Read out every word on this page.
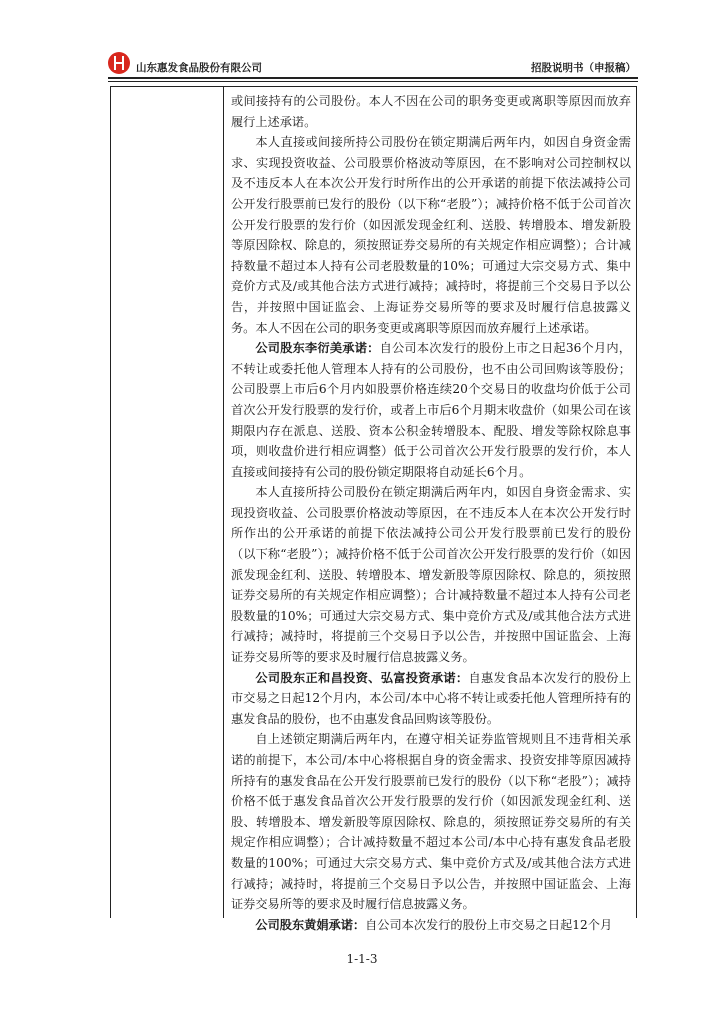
山东惠发食品股份有限公司	招股说明书（申报稿）

或间接持有的公司股份。本人不因在公司的职务变更或离职等原因而放弃履行上述承诺。

本人直接或间接所持公司股份在锁定期满后两年内，如因自身资金需求、实现投资收益、公司股票价格波动等原因，在不影响对公司控制权以及不违反本人在本次公开发行时所作出的公开承诺的前提下依法减持公司公开发行股票前已发行的股份（以下称“老股”）；减持价格不低于公司首次公开发行股票的发行价（如因派发现金红利、送股、转增股本、增发新股等原因除权、除息的，须按照证券交易所的有关规定作相应调整）；合计减持数量不超过本人持有公司老股数量的10%；可通过大宗交易方式、集中竞价方式及/或其他合法方式进行减持；减持时，将提前三个交易日予以公告，并按照中国证监会、上海证券交易所等的要求及时履行信息披露义务。本人不因在公司的职务变更或离职等原因而放弃履行上述承诺。

公司股东李衍美承诺：自公司本次发行的股份上市之日起36个月内，不转让或委托他人管理本人持有的公司股份，也不由公司回购该等股份；公司股票上市后6个月内如股票价格连续20个交易日的收盘均价低于公司首次公开发行股票的发行价，或者上市后6个月期末收盘价（如果公司在该期限内存在派息、送股、资本公积金转增股本、配股、增发等除权除息事项，则收盘价进行相应调整）低于公司首次公开发行股票的发行价，本人直接或间接持有公司的股份锁定期限将自动延长6个月。

本人直接所持公司股份在锁定期满后两年内，如因自身资金需求、实现投资收益、公司股票价格波动等原因，在不违反本人在本次公开发行时所作出的公开承诺的前提下依法减持公司公开发行股票前已发行的股份（以下称“老股”）；减持价格不低于公司首次公开发行股票的发行价（如因派发现金红利、送股、转增股本、增发新股等原因除权、除息的，须按照证券交易所的有关规定作相应调整）；合计减持数量不超过本人持有公司老股数量的10%；可通过大宗交易方式、集中竞价方式及/或其他合法方式进行减持；减持时，将提前三个交易日予以公告，并按照中国证监会、上海证券交易所等的要求及时履行信息披露义务。

公司股东正和昌投资、弘富投资承诺：自惠发食品本次发行的股份上市交易之日起12个月内，本公司/本中心将不转让或委托他人管理所持有的惠发食品的股份，也不由惠发食品回购该等股份。

自上述锁定期满后两年内，在遵守相关证券监管规则且不违背相关承诺的前提下，本公司/本中心将根据自身的资金需求、投资安排等原因减持所持有的惠发食品在公开发行股票前已发行的股份（以下称“老股”）；减持价格不低于惠发食品首次公开发行股票的发行价（如因派发现金红利、送股、转增股本、增发新股等原因除权、除息的，须按照证券交易所的有关规定作相应调整）；合计减持数量不超过本公司/本中心持有惠发食品老股数量的100%；可通过大宗交易方式、集中竞价方式及/或其他合法方式进行减持；减持时，将提前三个交易日予以公告，并按照中国证监会、上海证券交易所等的要求及时履行信息披露义务。

公司股东黄娟承诺：自公司本次发行的股份上市交易之日起12个月

1-1-3
